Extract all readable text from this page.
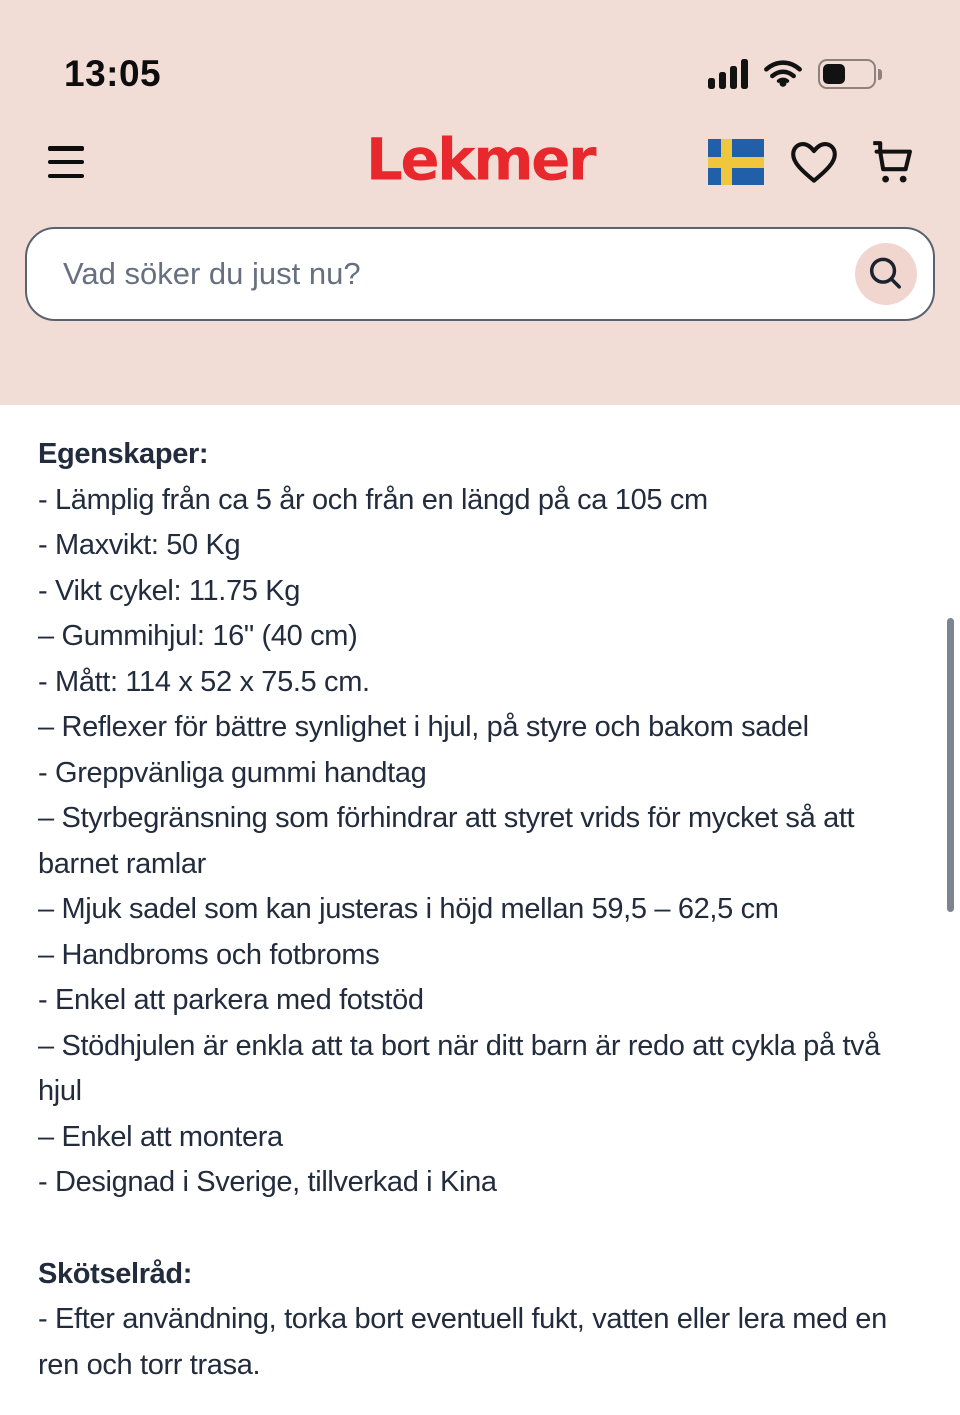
13:05
Lekmer
Vad söker du just nu?
Egenskaper:
- Lämplig från ca 5 år och från en längd på ca 105 cm
- Maxvikt: 50 Kg
- Vikt cykel: 11.75 Kg
– Gummihjul: 16" (40 cm)
- Mått: 114 x 52 x 75.5 cm.
– Reflexer för bättre synlighet i hjul, på styre och bakom sadel
- Greppvänliga gummi handtag
– Styrbegränsning som förhindrar att styret vrids för mycket så att barnet ramlar
– Mjuk sadel som kan justeras i höjd mellan 59,5 – 62,5 cm
– Handbroms och fotbroms
- Enkel att parkera med fotstöd
– Stödhjulen är enkla att ta bort när ditt barn är redo att cykla på två hjul
– Enkel att montera
- Designad i Sverige, tillverkad i Kina
Skötselråd:
- Efter användning, torka bort eventuell fukt, vatten eller lera med en ren och torr trasa.
